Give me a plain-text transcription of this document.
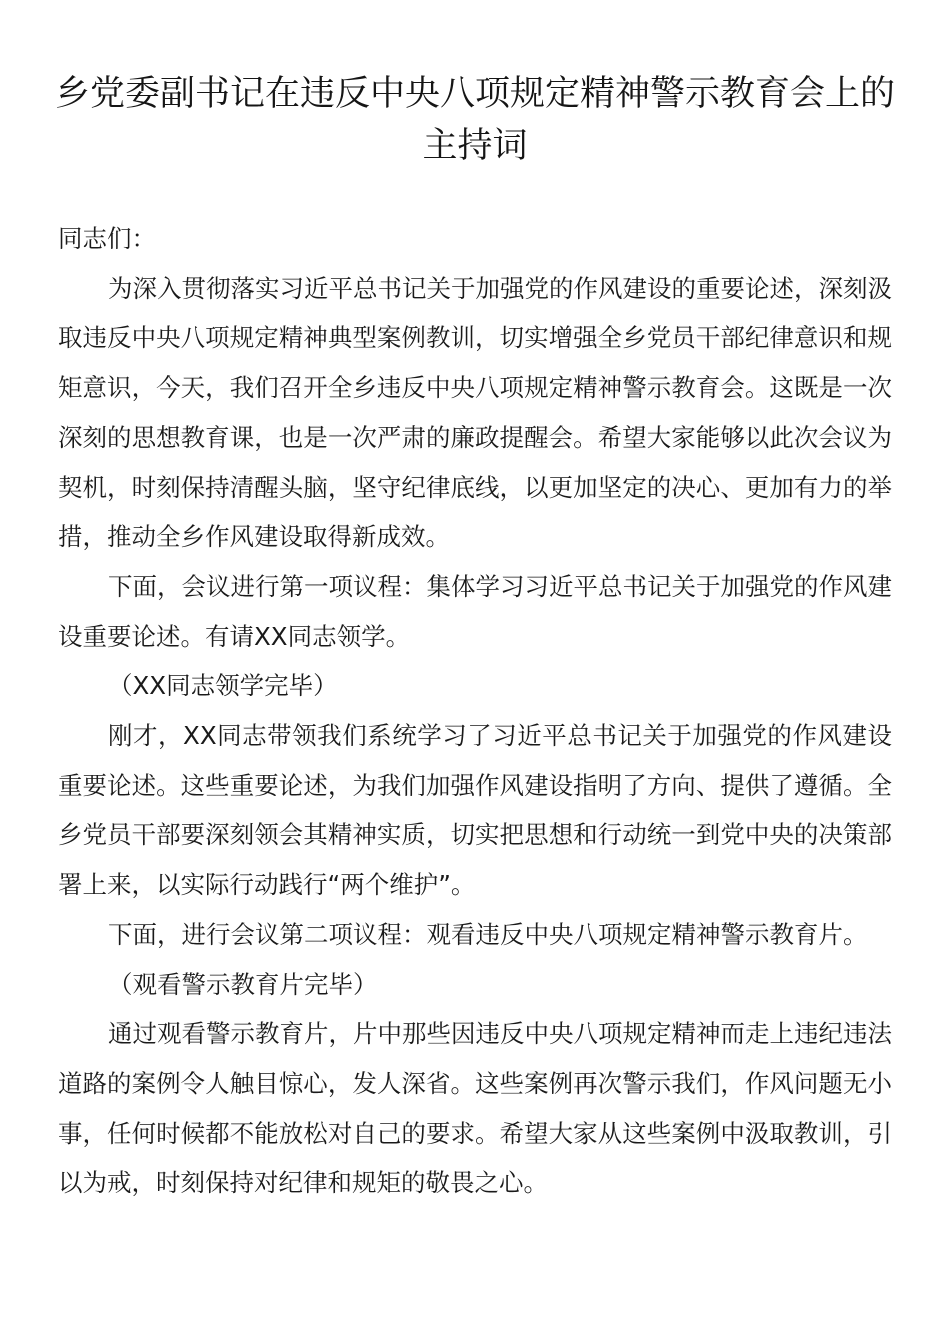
乡党委副书记在违反中央八项规定精神警示教育会上的主持词

同志们：

为深入贯彻落实习近平总书记关于加强党的作风建设的重要论述，深刻汲取违反中央八项规定精神典型案例教训，切实增强全乡党员干部纪律意识和规矩意识，今天，我们召开全乡违反中央八项规定精神警示教育会。这既是一次深刻的思想教育课，也是一次严肃的廉政提醒会。希望大家能够以此次会议为契机，时刻保持清醒头脑，坚守纪律底线，以更加坚定的决心、更加有力的举措，推动全乡作风建设取得新成效。

下面，会议进行第一项议程：集体学习习近平总书记关于加强党的作风建设重要论述。有请XX同志领学。

（XX同志领学完毕）

刚才，XX同志带领我们系统学习了习近平总书记关于加强党的作风建设重要论述。这些重要论述，为我们加强作风建设指明了方向、提供了遵循。全乡党员干部要深刻领会其精神实质，切实把思想和行动统一到党中央的决策部署上来，以实际行动践行“两个维护”。

下面，进行会议第二项议程：观看违反中央八项规定精神警示教育片。

（观看警示教育片完毕）

通过观看警示教育片，片中那些因违反中央八项规定精神而走上违纪违法道路的案例令人触目惊心，发人深省。这些案例再次警示我们，作风问题无小事，任何时候都不能放松对自己的要求。希望大家从这些案例中汲取教训，引以为戒，时刻保持对纪律和规矩的敬畏之心。
